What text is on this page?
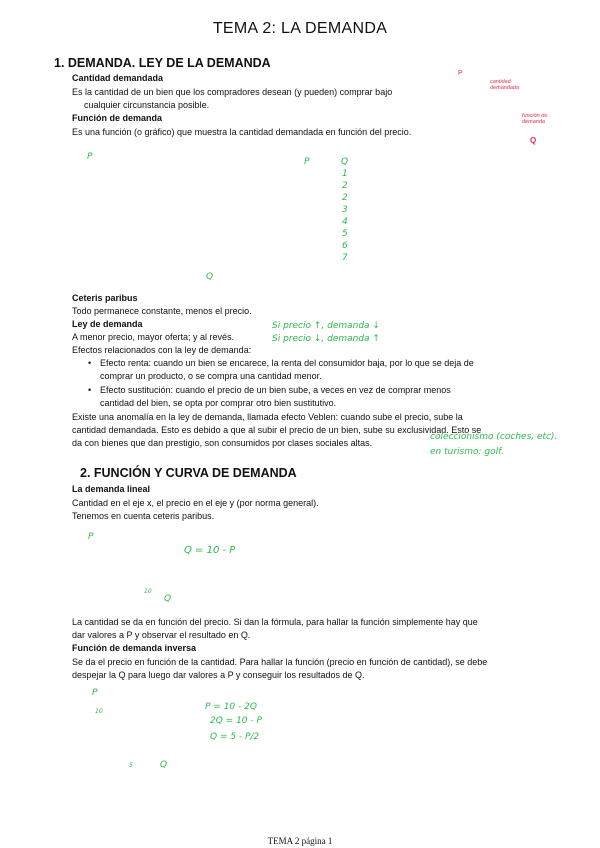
TEMA 2: LA DEMANDA
1. DEMANDA. LEY DE LA DEMANDA
Cantidad demandada
Es la cantidad de un bien que los compradores desean (y pueden) comprar bajo
cualquier circunstancia posible.
Función de demanda
Es una función (o gráfico) que muestra la cantidad demandada en función del precio.
P
Q
cantidad demandada
función de demanda
P
Q
P	Q
1
2
2
3
4
5
6
7
Ceteris paribus
Todo permanece constante, menos el precio.
Ley de demanda
A menor precio, mayor oferta; y al revés.
Si precio ↑, demanda ↓
Si precio ↓, demanda ↑
Efectos relacionados con la ley de demanda:
• Efecto renta: cuando un bien se encarece, la renta del consumidor baja, por lo que se deja de
comprar un producto, o se compra una cantidad menor.
• Efecto sustitución: cuando el precio de un bien sube, a veces en vez de comprar menos
cantidad del bien, se opta por comprar otro bien sustitutivo.
Existe una anomalía en la ley de demanda, llamada efecto Veblen: cuando sube el precio, sube la
cantidad demandada. Esto es debido a que al subir el precio de un bien, sube su exclusividad. Esto se
da con bienes que dan prestigio, son consumidos por clases sociales altas.
coleccionismo (coches, etc).
en turismo: golf.
2. FUNCIÓN Y CURVA DE DEMANDA
La demanda lineal
Cantidad en el eje x, el precio en el eje y (por norma general).
Tenemos en cuenta ceteris paribus.
P
10
Q
Q = 10 - P
La cantidad se da en función del precio. Si dan la fórmula, para hallar la función simplemente hay que
dar valores a P y observar el resultado en Q.
Función de demanda inversa
Se da el precio en función de la cantidad. Para hallar la función (precio en función de cantidad), se debe
despejar la Q para luego dar valores a P y conseguir los resultados de Q.
P
10
5	Q
P = 10 - 2Q
2Q = 10 - P
Q = 5 - P/2
TEMA 2 página 1
